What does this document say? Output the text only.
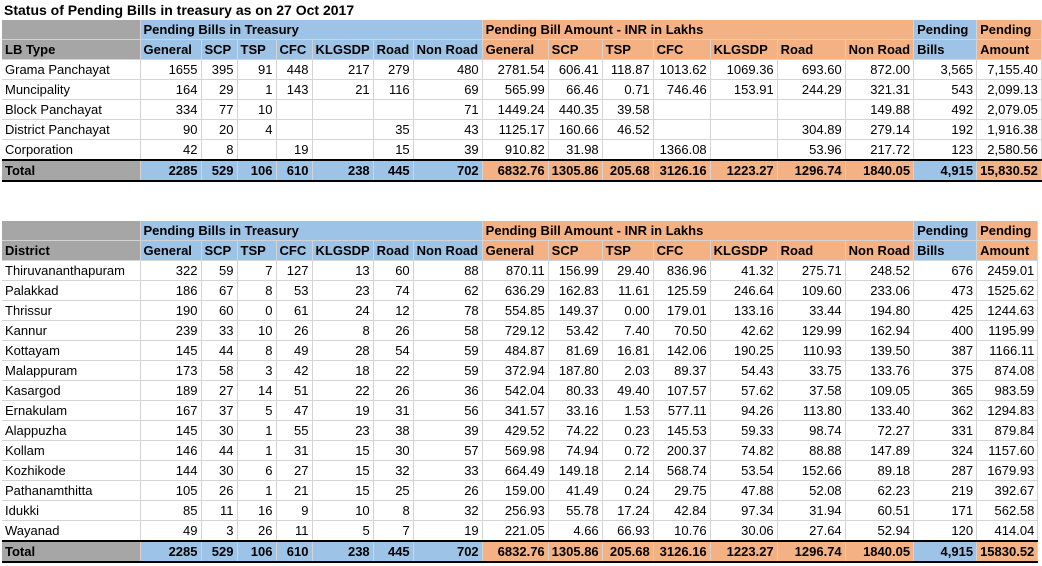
Status of Pending Bills in treasury as on 27 Oct 2017
	Pending Bills in Treasury							Pending Bill Amount - INR in Lakhs							Pending	Pending
LB Type	General	SCP	TSP	CFC	KLGSDP	Road	Non Road	General	SCP	TSP	CFC	KLGSDP	Road	Non Road	Bills	Amount
Grama Panchayat	1655	395	91	448	217	279	480	2781.54	606.41	118.87	1013.62	1069.36	693.60	872.00	3,565	7,155.40
Muncipality	164	29	1	143	21	116	69	565.99	66.46	0.71	746.46	153.91	244.29	321.31	543	2,099.13
Block Panchayat	334	77	10				71	1449.24	440.35	39.58				149.88	492	2,079.05
District Panchayat	90	20	4			35	43	1125.17	160.66	46.52			304.89	279.14	192	1,916.38
Corporation	42	8		19		15	39	910.82	31.98		1366.08		53.96	217.72	123	2,580.56
Total	2285	529	106	610	238	445	702	6832.76	1305.86	205.68	3126.16	1223.27	1296.74	1840.05	4,915	15,830.52
	Pending Bills in Treasury							Pending Bill Amount - INR in Lakhs							Pending	Pending
District	General	SCP	TSP	CFC	KLGSDP	Road	Non Road	General	SCP	TSP	CFC	KLGSDP	Road	Non Road	Bills	Amount
Thiruvananthapuram	322	59	7	127	13	60	88	870.11	156.99	29.40	836.96	41.32	275.71	248.52	676	2459.01
Palakkad	186	67	8	53	23	74	62	636.29	162.83	11.61	125.59	246.64	109.60	233.06	473	1525.62
Thrissur	190	60	0	61	24	12	78	554.85	149.37	0.00	179.01	133.16	33.44	194.80	425	1244.63
Kannur	239	33	10	26	8	26	58	729.12	53.42	7.40	70.50	42.62	129.99	162.94	400	1195.99
Kottayam	145	44	8	49	28	54	59	484.87	81.69	16.81	142.06	190.25	110.93	139.50	387	1166.11
Malappuram	173	58	3	42	18	22	59	372.94	187.80	2.03	89.37	54.43	33.75	133.76	375	874.08
Kasargod	189	27	14	51	22	26	36	542.04	80.33	49.40	107.57	57.62	37.58	109.05	365	983.59
Ernakulam	167	37	5	47	19	31	56	341.57	33.16	1.53	577.11	94.26	113.80	133.40	362	1294.83
Alappuzha	145	30	1	55	23	38	39	429.52	74.22	0.23	145.53	59.33	98.74	72.27	331	879.84
Kollam	146	44	1	31	15	30	57	569.98	74.94	0.72	200.37	74.82	88.88	147.89	324	1157.60
Kozhikode	144	30	6	27	15	32	33	664.49	149.18	2.14	568.74	53.54	152.66	89.18	287	1679.93
Pathanamthitta	105	26	1	21	15	25	26	159.00	41.49	0.24	29.75	47.88	52.08	62.23	219	392.67
Idukki	85	11	16	9	10	8	32	256.93	55.78	17.24	42.84	97.34	31.94	60.51	171	562.58
Wayanad	49	3	26	11	5	7	19	221.05	4.66	66.93	10.76	30.06	27.64	52.94	120	414.04
Total	2285	529	106	610	238	445	702	6832.76	1305.86	205.68	3126.16	1223.27	1296.74	1840.05	4,915	15830.52
